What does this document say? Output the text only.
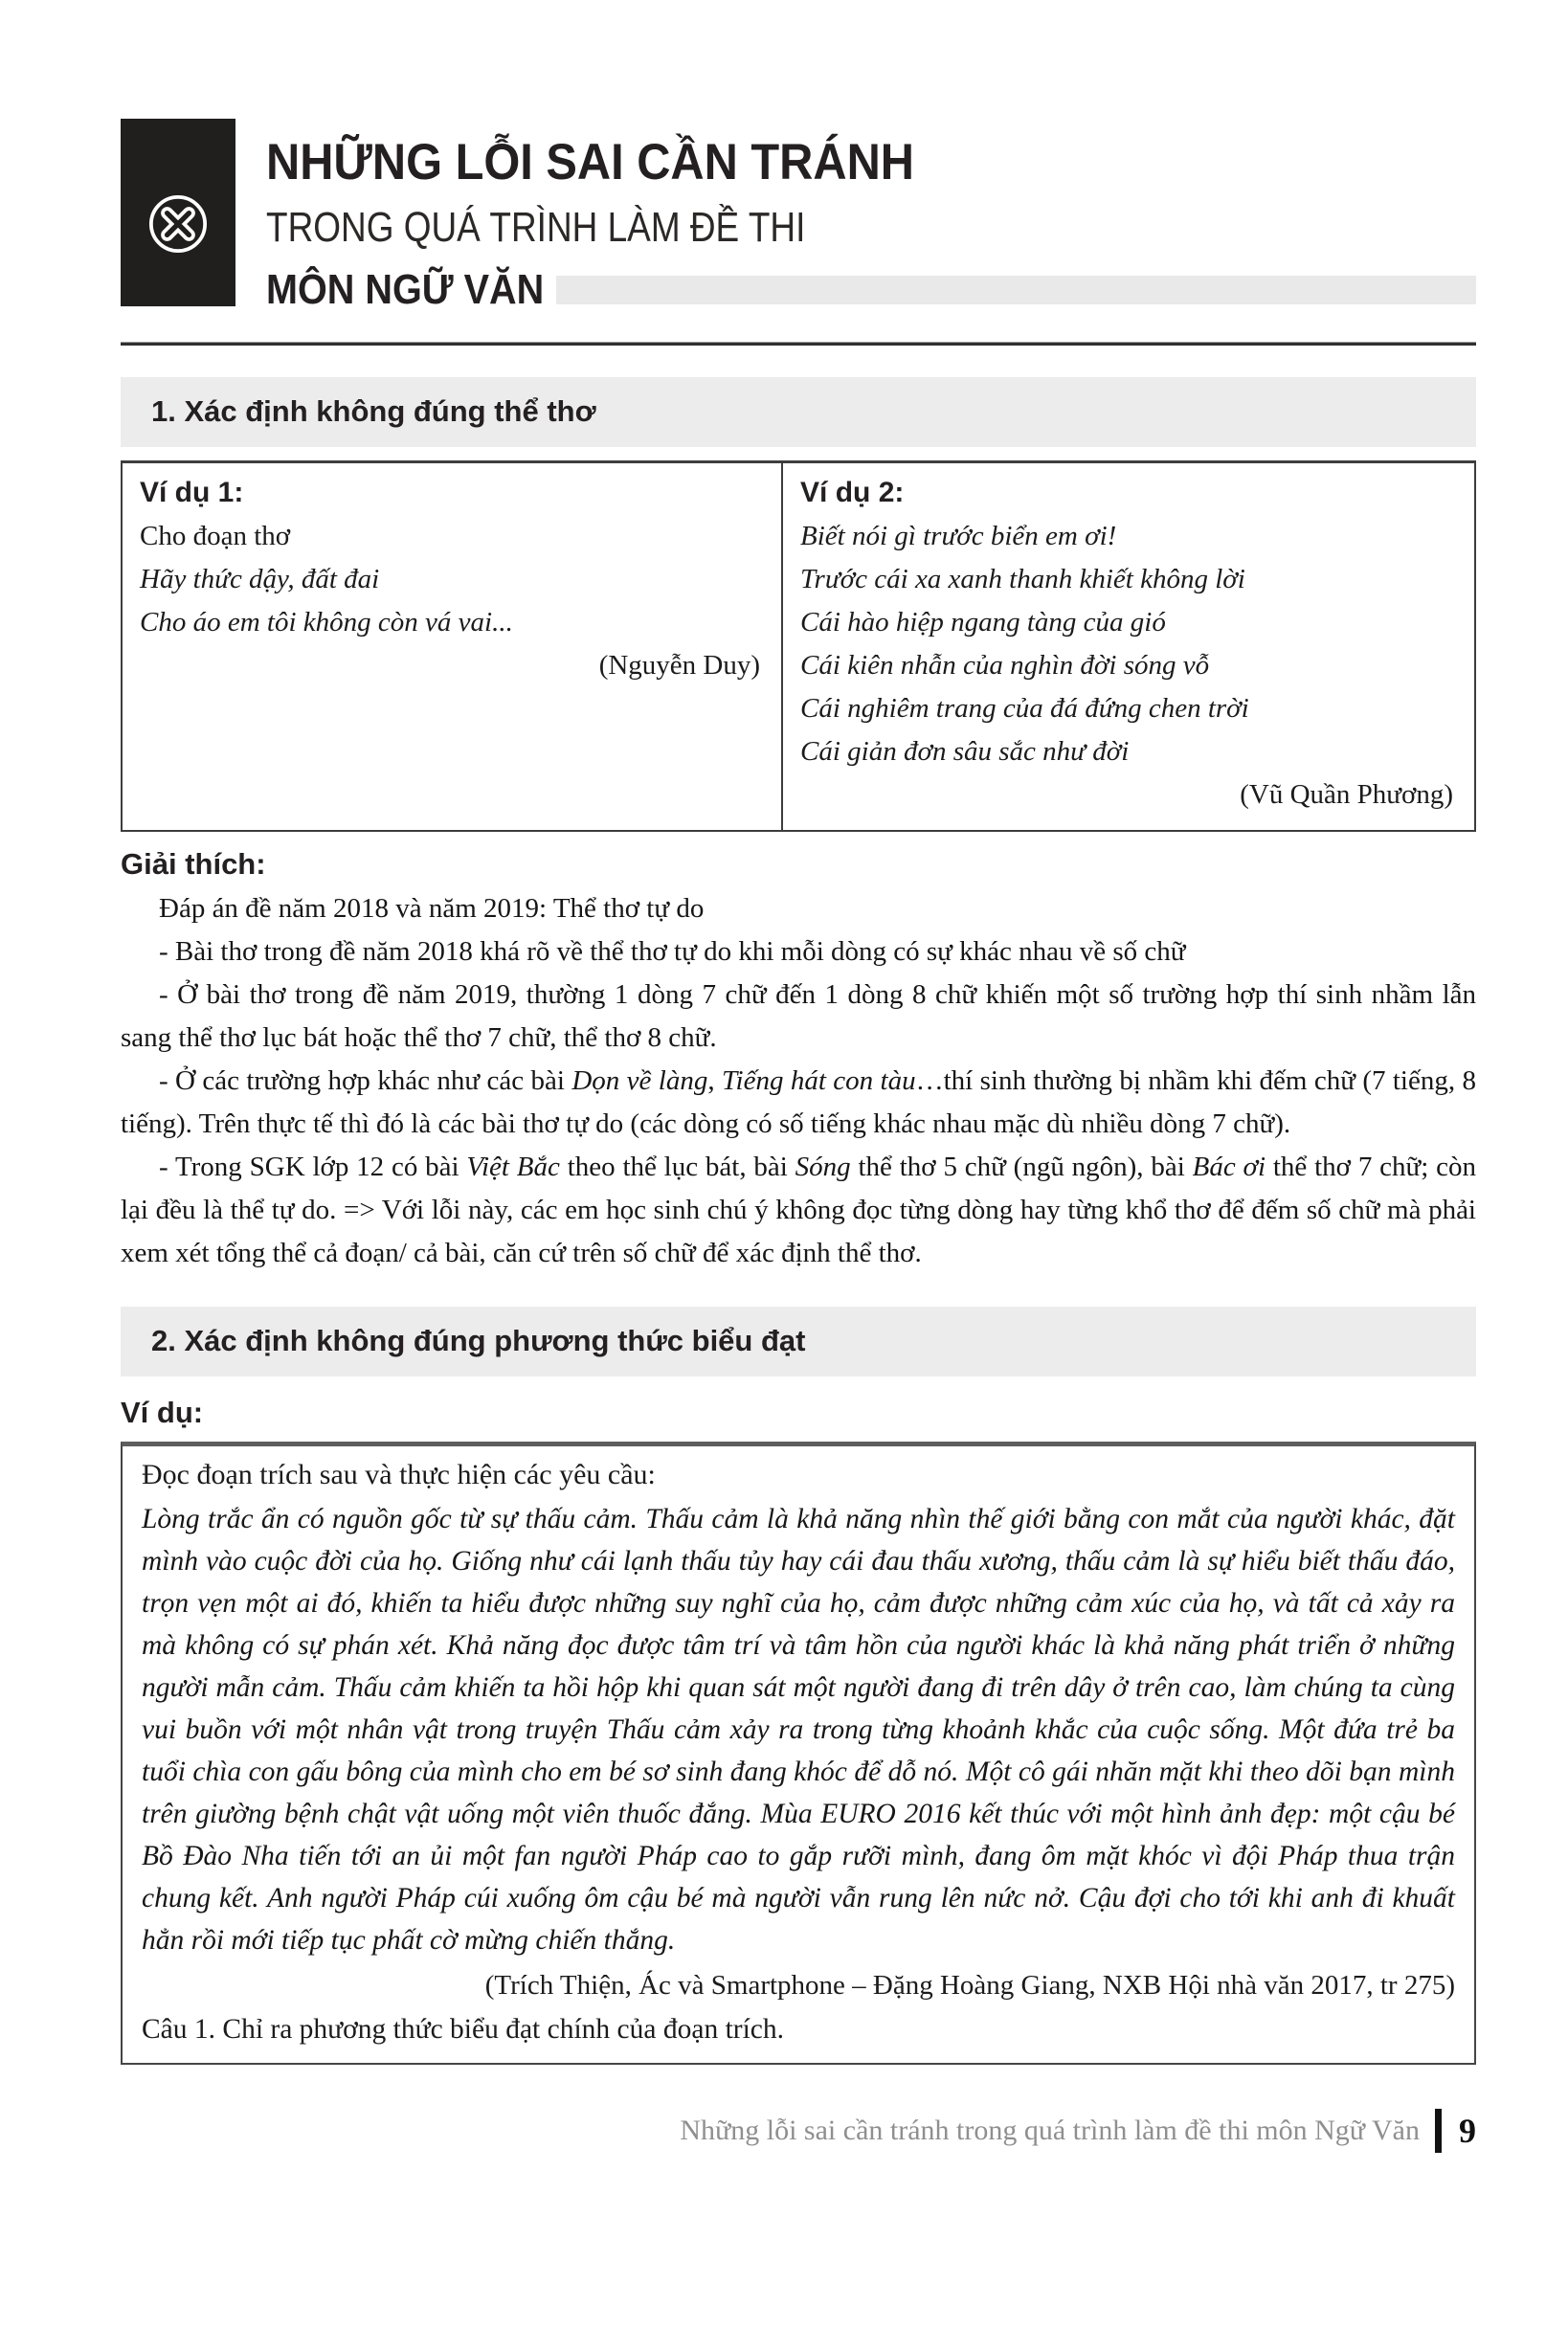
NHỮNG LỖI SAI CẦN TRÁNH
TRONG QUÁ TRÌNH LÀM ĐỀ THI
MÔN NGỮ VĂN
1. Xác định không đúng thể thơ
Ví dụ 1:
Cho đoạn thơ
Hãy thức dậy, đất đai
Cho áo em tôi không còn vá vai...
(Nguyễn Duy)

Ví dụ 2:
Biết nói gì trước biển em ơi!
Trước cái xa xanh thanh khiết không lời
Cái hào hiệp ngang tàng của gió
Cái kiên nhẫn của nghìn đời sóng vỗ
Cái nghiêm trang của đá đứng chen trời
Cái giản đơn sâu sắc như đời
(Vũ Quần Phương)
Giải thích:

Đáp án đề năm 2018 và năm 2019: Thể thơ tự do

- Bài thơ trong đề năm 2018 khá rõ về thể thơ tự do khi mỗi dòng có sự khác nhau về số chữ

- Ở bài thơ trong đề năm 2019, thường 1 dòng 7 chữ đến 1 dòng 8 chữ khiến một số trường hợp thí sinh nhầm lẫn sang thể thơ lục bát hoặc thể thơ 7 chữ, thể thơ 8 chữ.

- Ở các trường hợp khác như các bài Dọn về làng, Tiếng hát con tàu…thí sinh thường bị nhầm khi đếm chữ (7 tiếng, 8 tiếng). Trên thực tế thì đó là các bài thơ tự do (các dòng có số tiếng khác nhau mặc dù nhiều dòng 7 chữ).

- Trong SGK lớp 12 có bài Việt Bắc theo thể lục bát, bài Sóng thể thơ 5 chữ (ngũ ngôn), bài Bác ơi thể thơ 7 chữ; còn lại đều là thể tự do. => Với lỗi này, các em học sinh chú ý không đọc từng dòng hay từng khổ thơ để đếm số chữ mà phải xem xét tổng thể cả đoạn/ cả bài, căn cứ trên số chữ để xác định thể thơ.

2. Xác định không đúng phương thức biểu đạt
Ví dụ:
Đọc đoạn trích sau và thực hiện các yêu cầu:
Lòng trắc ẩn có nguồn gốc từ sự thấu cảm. Thấu cảm là khả năng nhìn thế giới bằng con mắt của người khác, đặt mình vào cuộc đời của họ. Giống như cái lạnh thấu tủy hay cái đau thấu xương, thấu cảm là sự hiểu biết thấu đáo, trọn vẹn một ai đó, khiến ta hiểu được những suy nghĩ của họ, cảm được những cảm xúc của họ, và tất cả xảy ra mà không có sự phán xét. Khả năng đọc được tâm trí và tâm hồn của người khác là khả năng phát triển ở những người mẫn cảm. Thấu cảm khiến ta hồi hộp khi quan sát một người đang đi trên dây ở trên cao, làm chúng ta cùng vui buồn với một nhân vật trong truyện Thấu cảm xảy ra trong từng khoảnh khắc của cuộc sống. Một đứa trẻ ba tuổi chìa con gấu bông của mình cho em bé sơ sinh đang khóc để dỗ nó. Một cô gái nhăn mặt khi theo dõi bạn mình trên giường bệnh chật vật uống một viên thuốc đắng. Mùa EURO 2016 kết thúc với một hình ảnh đẹp: một cậu bé Bồ Đào Nha tiến tới an ủi một fan người Pháp cao to gắp rưỡi mình, đang ôm mặt khóc vì đội Pháp thua trận chung kết. Anh người Pháp cúi xuống ôm cậu bé mà người vẫn rung lên nức nở. Cậu đợi cho tới khi anh đi khuất hẳn rồi mới tiếp tục phất cờ mừng chiến thắng.
(Trích Thiện, Ác và Smartphone – Đặng Hoàng Giang, NXB Hội nhà văn 2017, tr 275)
Câu 1. Chỉ ra phương thức biểu đạt chính của đoạn trích.
Những lỗi sai cần tránh trong quá trình làm đề thi môn Ngữ Văn 9
